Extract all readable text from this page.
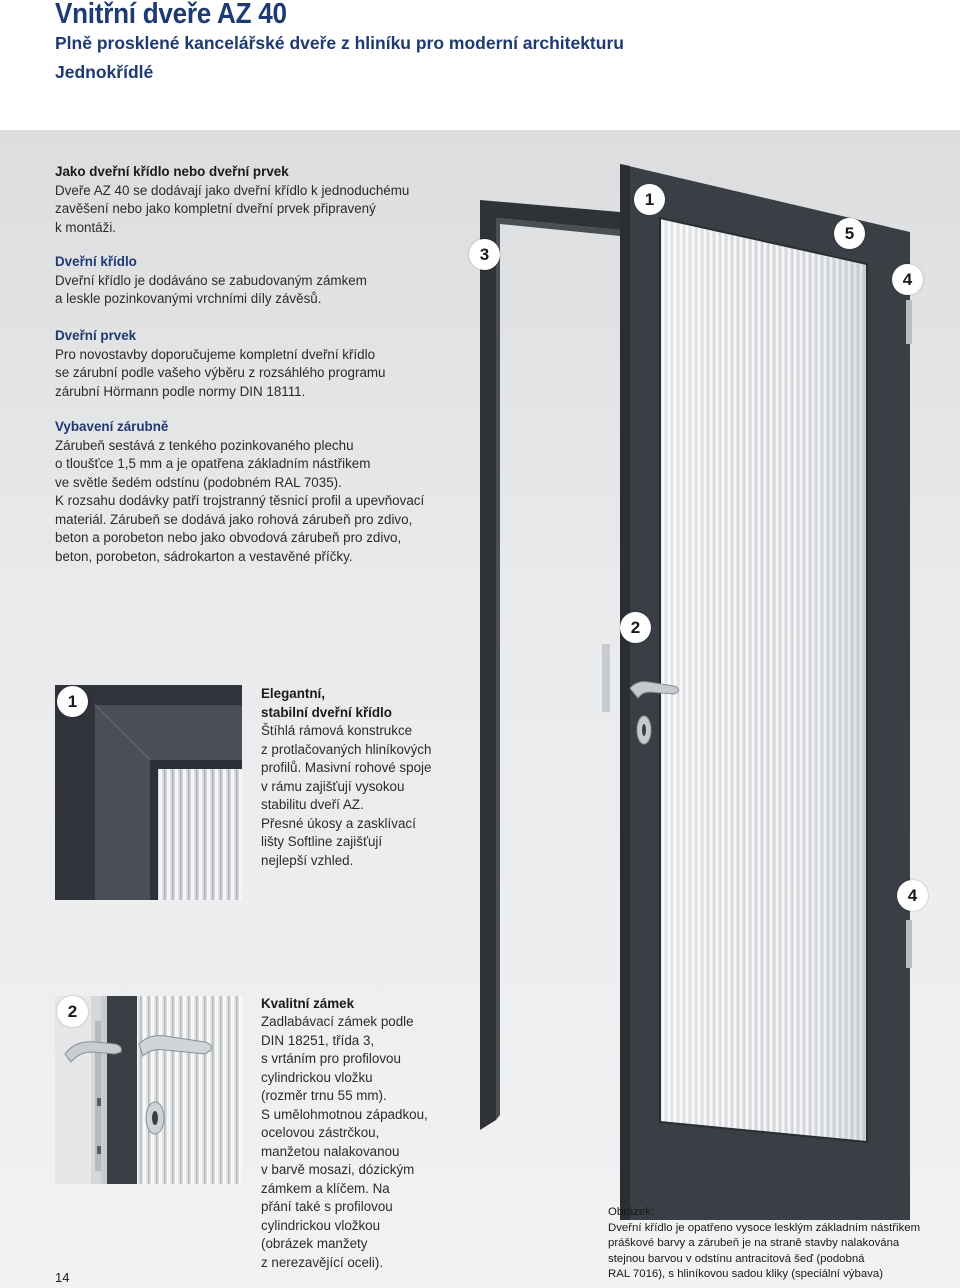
Vnitřní dveře AZ 40
Plně prosklené kancelářské dveře z hliníku pro moderní architekturu
Jednokřídlé
Jako dveřní křídlo nebo dveřní prvek
Dveře AZ 40 se dodávají jako dveřní křídlo k jednoduchému
zavěšení nebo jako kompletní dveřní prvek připravený
k montáži.
Dveřní křídlo
Dveřní křídlo je dodáváno se zabudovaným zámkem
a leskle pozinkovanými vrchními díly závěsů.
Dveřní prvek
Pro novostavby doporučujeme kompletní dveřní křídlo
se zárubní podle vašeho výběru z rozsáhlého programu
zárubní Hörmann podle normy DIN 18111.
Vybavení zárubně
Zárubeň sestává z tenkého pozinkovaného plechu
o tloušťce 1,5 mm a je opatřena základním nástřikem
ve světle šedém odstínu (podobném RAL 7035).
K rozsahu dodávky patří trojstranný těsnicí profil a upevňovací
materiál. Zárubeň se dodává jako rohová zárubeň pro zdivo,
beton a porobeton nebo jako obvodová zárubeň pro zdivo,
beton, porobeton, sádrokarton a vestavěné příčky.
1
5
3
4
2
4
1	Elegantní,
stabilní dveřní křídlo
Štíhlá rámová konstrukce
z protlačovaných hliníkových
profilů. Masivní rohové spoje
v rámu zajišťují vysokou
stabilitu dveří AZ.
Přesné úkosy a zasklívací
lišty Softline zajišťují
nejlepší vzhled.
2	Kvalitní zámek
Zadlabávací zámek podle
DIN 18251, třída 3,
s vrtáním pro profilovou
cylindrickou vložku
(rozměr trnu 55 mm).
S umělohmotnou západkou,
ocelovou zástrčkou,
manžetou nalakovanou
v barvě mosazi, dózickým
zámkem a klíčem. Na
přání také s profilovou
cylindrickou vložkou
(obrázek manžety
z nerezavějící oceli).
Obrázek:
Dveřní křídlo je opatřeno vysoce lesklým základním nástřikem
práškové barvy a zárubeň je na straně stavby nalakována
stejnou barvou v odstínu antracitová šeď (podobná
RAL 7016), s hliníkovou sadou kliky (speciální výbava)
14
